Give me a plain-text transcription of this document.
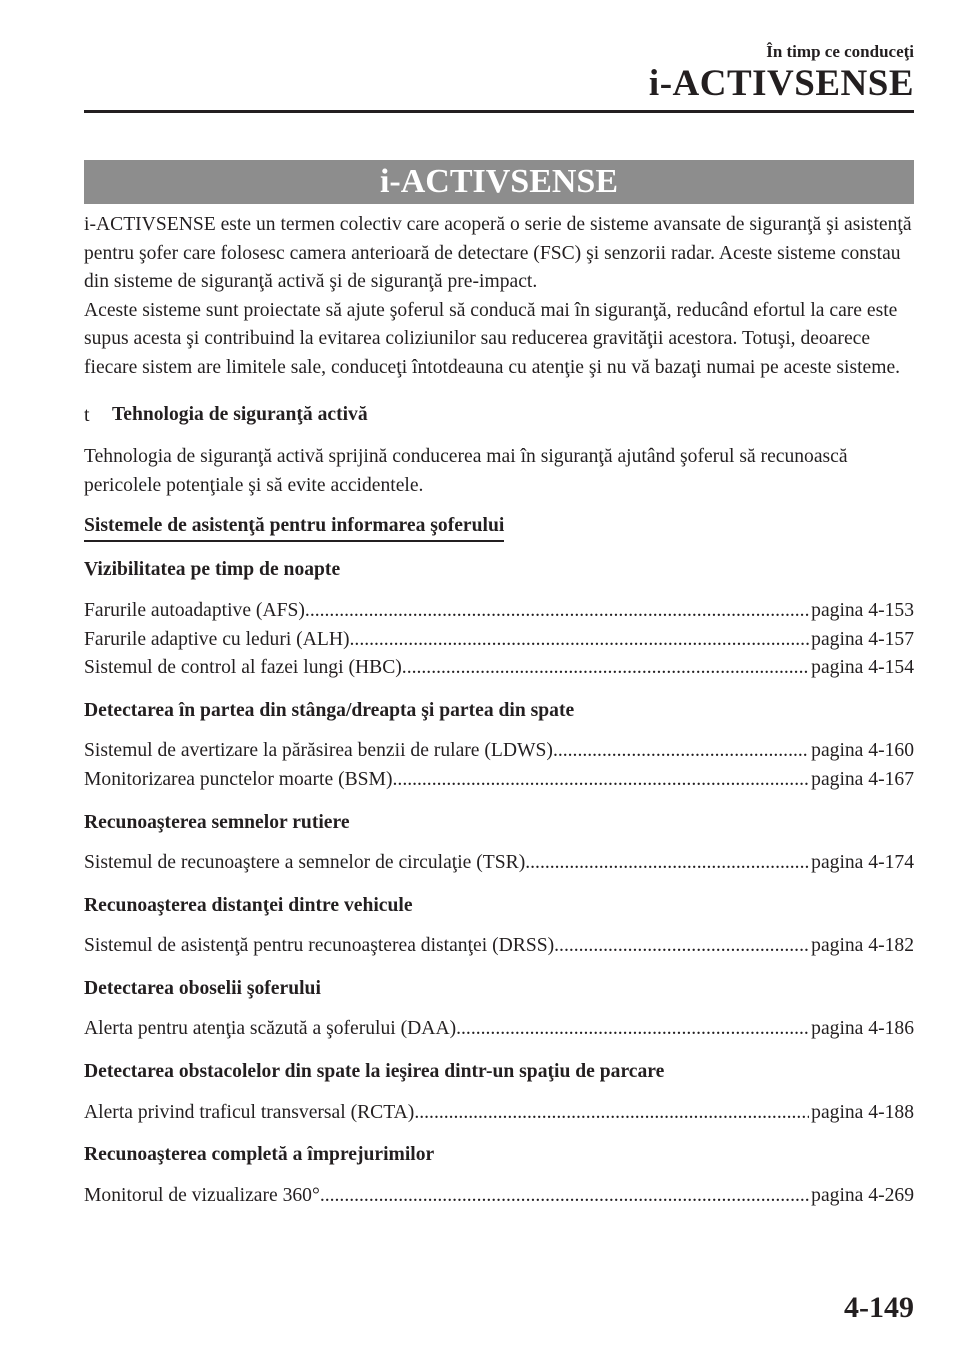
În timp ce conduceţi
i-ACTIVSENSE
i-ACTIVSENSE

i-ACTIVSENSE este un termen colectiv care acoperă o serie de sisteme avansate de siguranţă şi asistenţă pentru şofer care folosesc camera anterioară de detectare (FSC) şi senzorii radar. Aceste sisteme constau din sisteme de siguranţă activă şi de siguranţă pre-impact.

Aceste sisteme sunt proiectate să ajute şoferul să conducă mai în siguranţă, reducând efortul la care este supus acesta şi contribuind la evitarea coliziunilor sau reducerea gravităţii acestora. Totuşi, deoarece fiecare sistem are limitele sale, conduceţi întotdeauna cu atenţie şi nu vă bazaţi numai pe aceste sisteme.

t	Tehnologia de siguranţă activă

Tehnologia de siguranţă activă sprijină conducerea mai în siguranţă ajutând şoferul să recunoască pericolele potenţiale şi să evite accidentele.

Sistemele de asistenţă pentru informarea şoferului
Vizibilitatea pe timp de noapte
Farurile autoadaptive (AFS) .....	pagina 4-153
Farurile adaptive cu leduri (ALH) .....	pagina 4-157
Sistemul de control al fazei lungi (HBC) .....	pagina 4-154
Detectarea în partea din stânga/dreapta şi partea din spate
Sistemul de avertizare la părăsirea benzii de rulare (LDWS) .....	pagina 4-160
Monitorizarea punctelor moarte (BSM) .....	pagina 4-167
Recunoaşterea semnelor rutiere
Sistemul de recunoaştere a semnelor de circulaţie (TSR) .....	pagina 4-174
Recunoaşterea distanţei dintre vehicule
Sistemul de asistenţă pentru recunoaşterea distanţei (DRSS) .....	pagina 4-182
Detectarea oboselii şoferului
Alerta pentru atenţia scăzută a şoferului (DAA) .....	pagina 4-186
Detectarea obstacolelor din spate la ieşirea dintr-un spaţiu de parcare
Alerta privind traficul transversal (RCTA) .....	pagina 4-188
Recunoaşterea completă a împrejurimilor
Monitorul de vizualizare 360° .....	pagina 4-269
4-149
